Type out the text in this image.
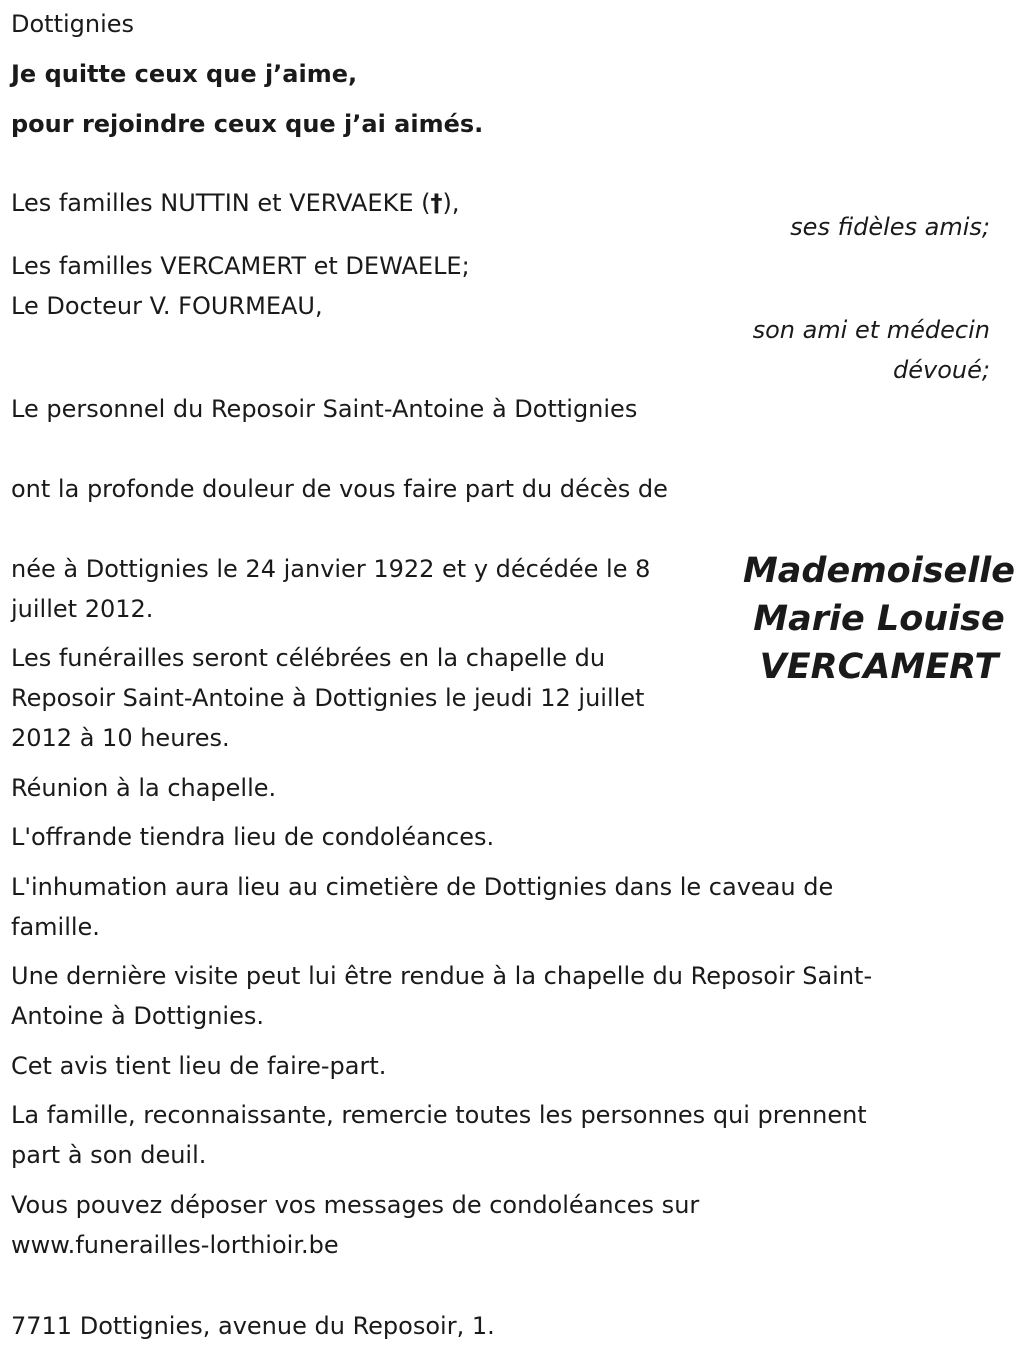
Dottignies
Je quitte ceux que j’aime,
pour rejoindre ceux que j’ai aimés.
Les familles NUTTIN et VERVAEKE (†),
ses fidèles amis;
Les familles VERCAMERT et DEWAELE;
Le Docteur V. FOURMEAU,
son ami et médecin
dévoué;
Le personnel du Reposoir Saint-Antoine à Dottignies
ont la profonde douleur de vous faire part du décès de
Mademoiselle
Marie Louise
VERCAMERT
née à Dottignies le 24 janvier 1922 et y décédée le 8
juillet 2012.
Les funérailles seront célébrées en la chapelle du
Reposoir Saint-Antoine à Dottignies le jeudi 12 juillet
2012 à 10 heures.
Réunion à la chapelle.
L'offrande tiendra lieu de condoléances.
L'inhumation aura lieu au cimetière de Dottignies dans le caveau de
famille.
Une dernière visite peut lui être rendue à la chapelle du Reposoir Saint-
Antoine à Dottignies.
Cet avis tient lieu de faire-part.
La famille, reconnaissante, remercie toutes les personnes qui prennent
part à son deuil.
Vous pouvez déposer vos messages de condoléances sur
www.funerailles-lorthioir.be
7711 Dottignies, avenue du Reposoir, 1.
